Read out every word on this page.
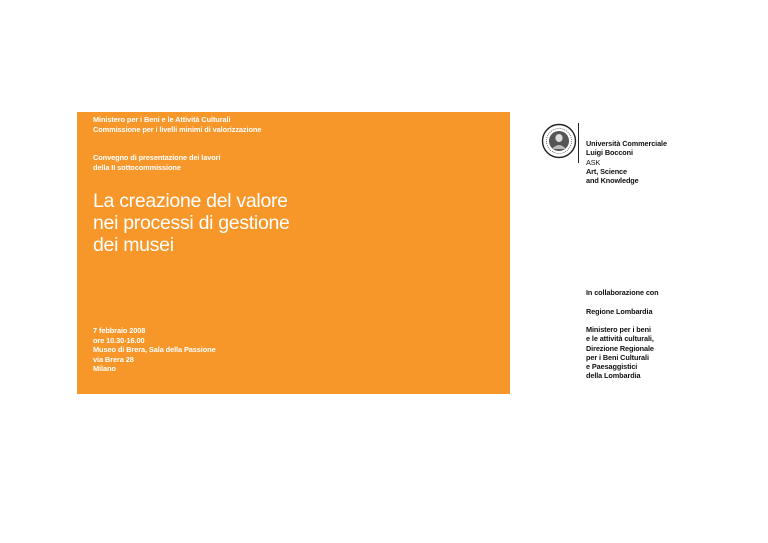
Ministero per i Beni e le Attività Culturali
Commissione per i livelli minimi di valorizzazione
Convegno di presentazione dei lavori
della II sottocommissione
La creazione del valore
nei processi di gestione
dei musei
7 febbraio 2008
ore 10.30-16.00
Museo di Brera, Sala della Passione
via Brera 28
Milano
Università Commerciale
Luigi Bocconi
ASK
Art, Science
and Knowledge
In collaborazione con
Regione Lombardia
Ministero per i beni
e le attività culturali,
Direzione Regionale
per i Beni Culturali
e Paesaggistici
della Lombardia
